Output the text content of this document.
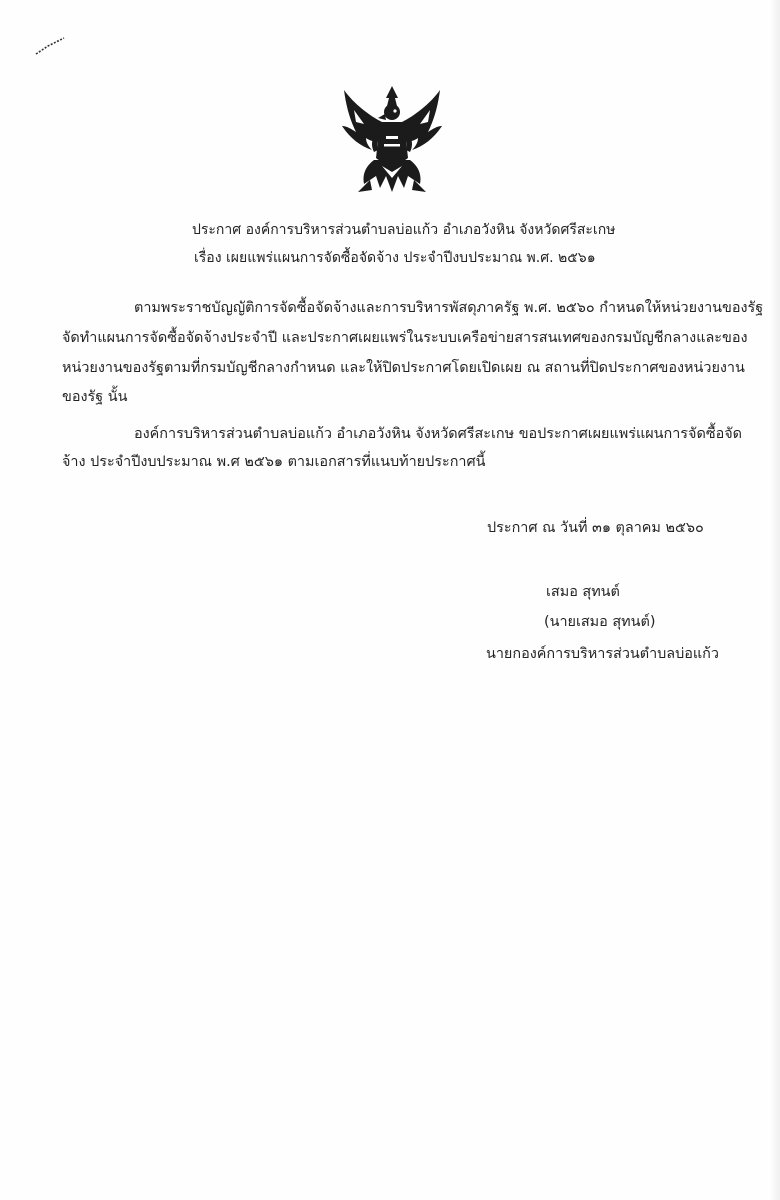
ประกาศ องค์การบริหารส่วนตำบลบ่อแก้ว อำเภอวังหิน จังหวัดศรีสะเกษ
เรื่อง เผยแพร่แผนการจัดซื้อจัดจ้าง ประจำปีงบประมาณ พ.ศ. ๒๕๖๑
ตามพระราชบัญญัติการจัดซื้อจัดจ้างและการบริหารพัสดุภาครัฐ พ.ศ. ๒๕๖๐ กำหนดให้หน่วยงานของรัฐ
จัดทำแผนการจัดซื้อจัดจ้างประจำปี และประกาศเผยแพร่ในระบบเครือข่ายสารสนเทศของกรมบัญชีกลางและของ
หน่วยงานของรัฐตามที่กรมบัญชีกลางกำหนด และให้ปิดประกาศโดยเปิดเผย ณ สถานที่ปิดประกาศของหน่วยงาน
ของรัฐ นั้น
องค์การบริหารส่วนตำบลบ่อแก้ว อำเภอวังหิน จังหวัดศรีสะเกษ ขอประกาศเผยแพร่แผนการจัดซื้อจัด
จ้าง ประจำปีงบประมาณ พ.ศ ๒๕๖๑ ตามเอกสารที่แนบท้ายประกาศนี้
ประกาศ ณ วันที่ ๓๑ ตุลาคม ๒๕๖๐
เสมอ สุทนต์
(นายเสมอ สุทนต์)
นายกองค์การบริหารส่วนตำบลบ่อแก้ว
